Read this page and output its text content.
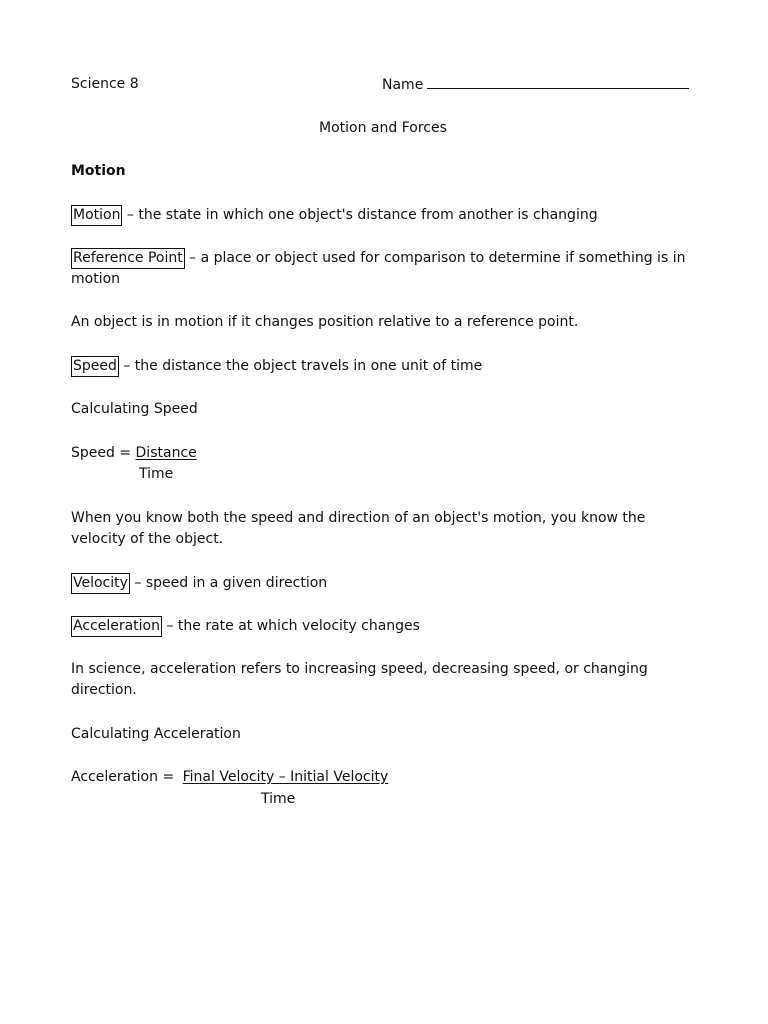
Science 8	Name
Motion and Forces
Motion
Motion – the state in which one object's distance from another is changing
Reference Point – a place or object used for comparison to determine if something is in
motion
An object is in motion if it changes position relative to a reference point.
Speed – the distance the object travels in one unit of time
Calculating Speed
Speed = Distance
Time
When you know both the speed and direction of an object's motion, you know the
velocity of the object.
Velocity – speed in a given direction
Acceleration – the rate at which velocity changes
In science, acceleration refers to increasing speed, decreasing speed, or changing
direction.
Calculating Acceleration
Acceleration = Final Velocity – Initial Velocity
Time
